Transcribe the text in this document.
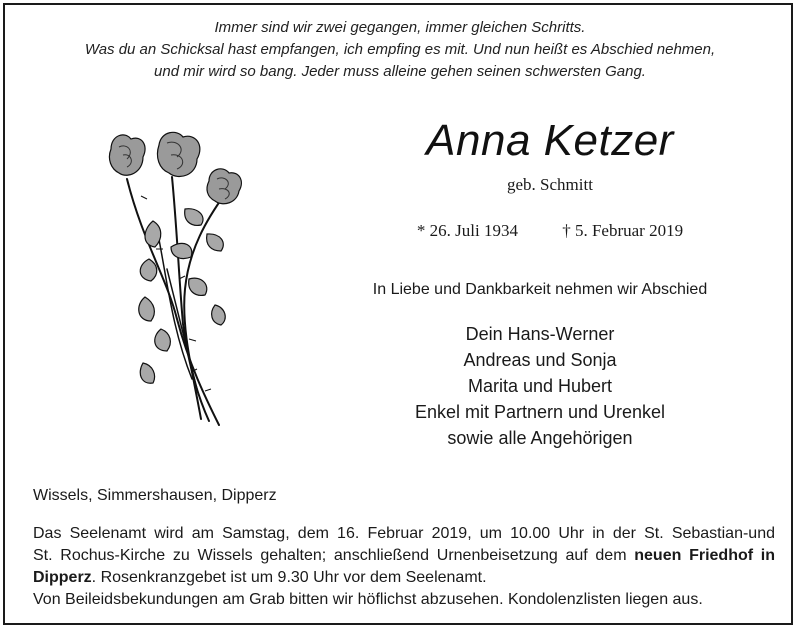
Immer sind wir zwei gegangen, immer gleichen Schritts.
Was du an Schicksal hast empfangen, ich empfing es mit. Und nun heißt es Abschied nehmen,
und mir wird so bang. Jeder muss alleine gehen seinen schwersten Gang.
Anna Ketzer
geb. Schmitt
* 26. Juli 1934	† 5. Februar 2019
In Liebe und Dankbarkeit nehmen wir Abschied
Dein Hans-Werner
Andreas und Sonja
Marita und Hubert
Enkel mit Partnern und Urenkel
sowie alle Angehörigen
Wissels, Simmershausen, Dipperz
Das Seelenamt wird am Samstag, dem 16. Februar 2019, um 10.00 Uhr in der St. Sebastian-und
St. Rochus-Kirche zu Wissels gehalten; anschließend Urnenbeisetzung auf dem neuen Friedhof in
Dipperz. Rosenkranzgebet ist um 9.30 Uhr vor dem Seelenamt.
Von Beileidsbekundungen am Grab bitten wir höflichst abzusehen. Kondolenzlisten liegen aus.
